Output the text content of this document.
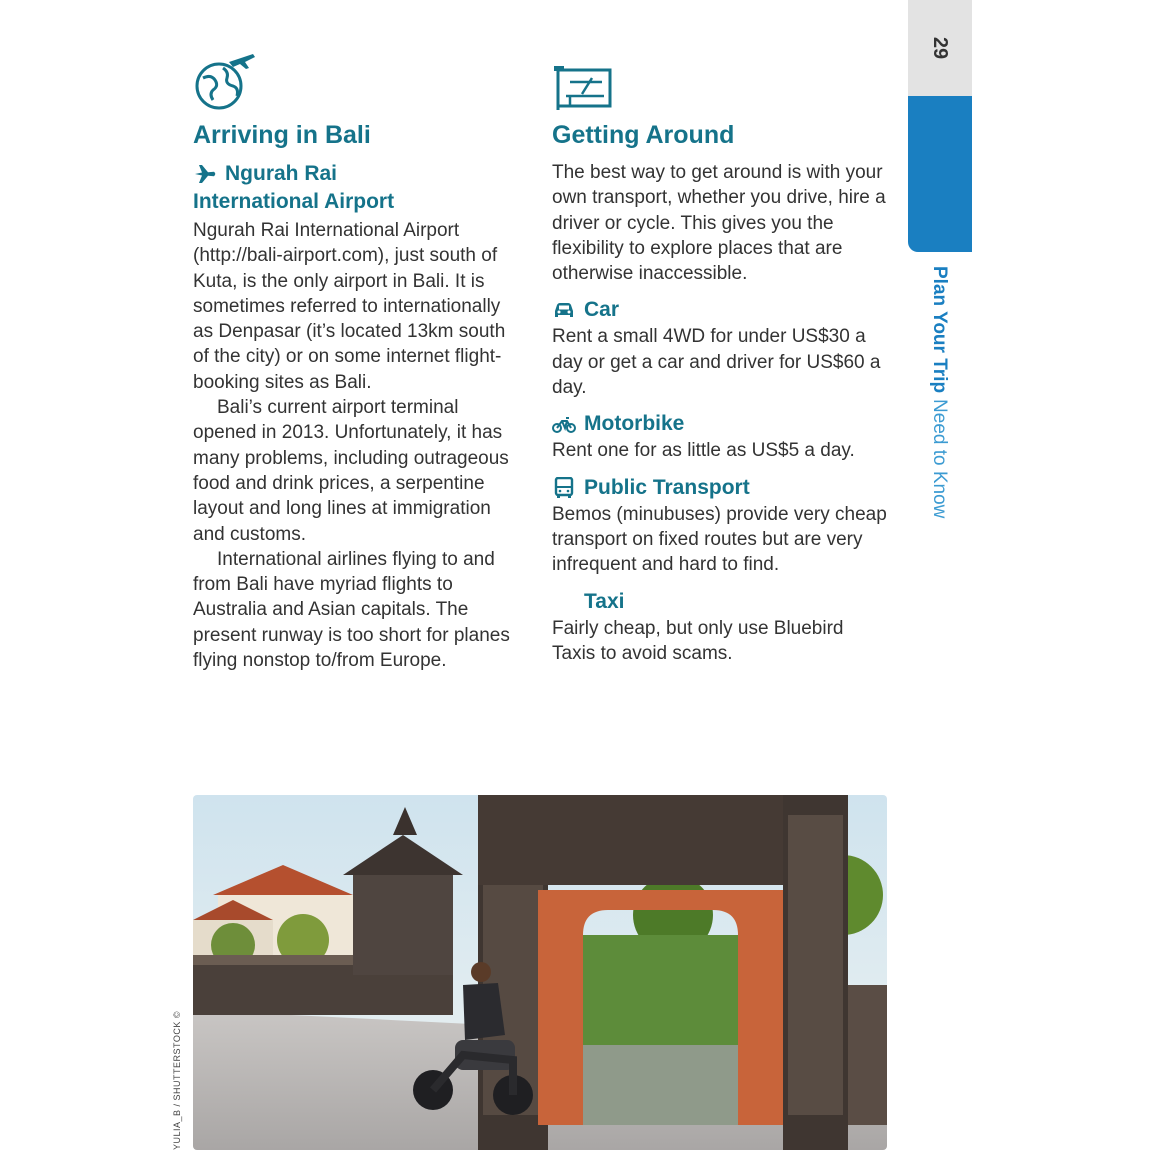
29
Plan Your TripNeed to Know
Arriving in Bali
Ngurah Rai
International Airport

Ngurah Rai International Airport (http://bali-airport.com), just south of Kuta, is the only airport in Bali. It is sometimes referred to internationally as Denpasar (it’s located 13km south of the city) or on some internet flight-booking sites as Bali.

Bali’s current airport terminal opened in 2013. Unfortunately, it has many problems, including outrageous food and drink prices, a serpentine layout and long lines at immigration and customs.

International airlines flying to and from Bali have myriad flights to Australia and Asian capitals. The present runway is too short for planes flying nonstop to/from Europe.

Getting Around

The best way to get around is with your own transport, whether you drive, hire a driver or cycle. This gives you the flexibility to explore places that are otherwise inaccessible.

Car

Rent a small 4WD for under US$30 a day or get a car and driver for US$60 a day.

Motorbike

Rent one for as little as US$5 a day.

Public Transport

Bemos (minubuses) provide very cheap transport on fixed routes but are very infrequent and hard to find.

Taxi

Fairly cheap, but only use Bluebird Taxis to avoid scams.

YULIA_B / SHUTTERSTOCK ©
